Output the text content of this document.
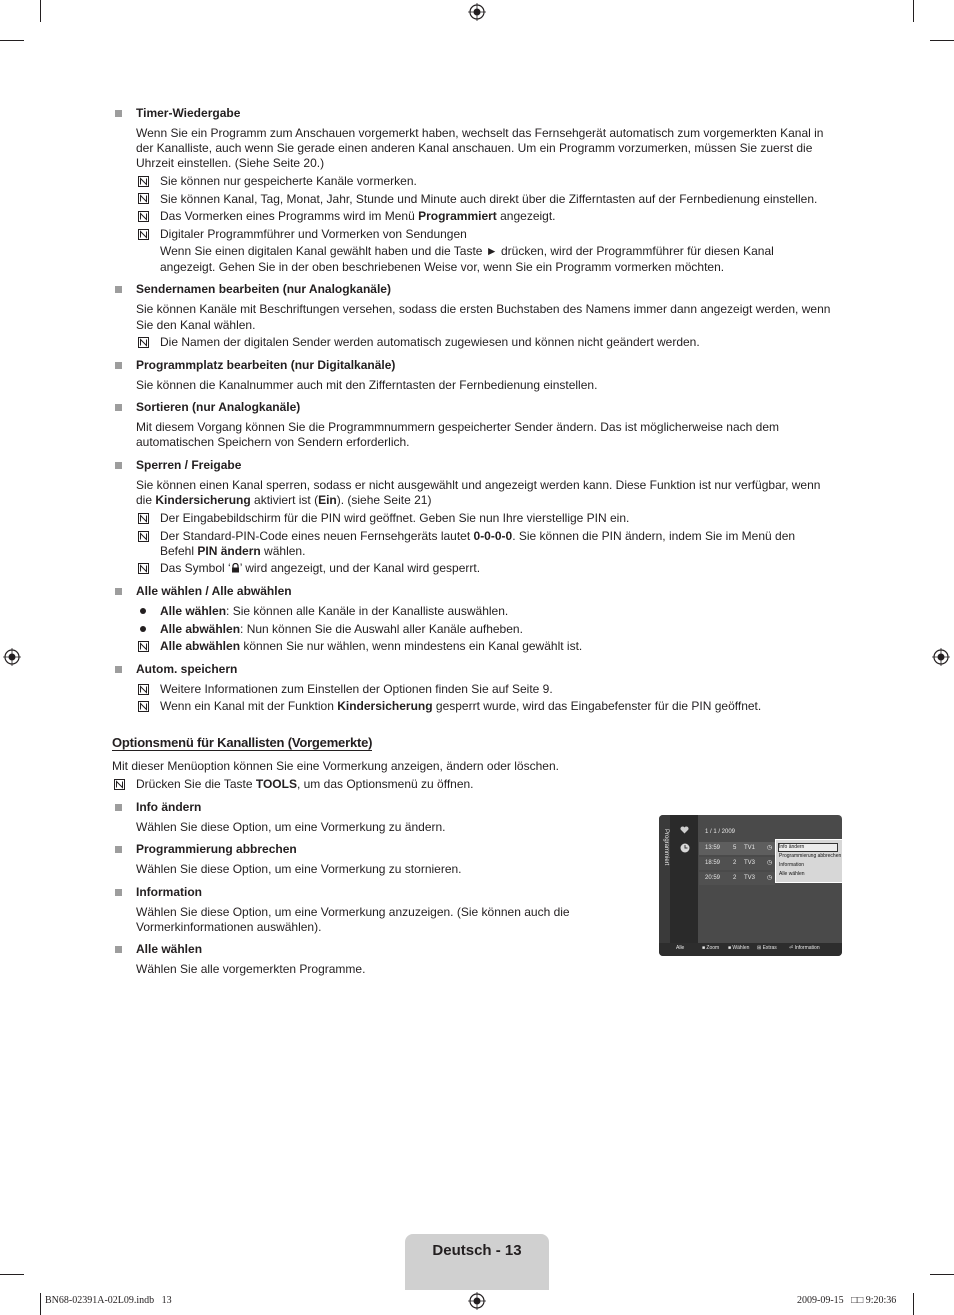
Timer-Wiedergabe
Wenn Sie ein Programm zum Anschauen vorgemerkt haben, wechselt das Fernsehgerät automatisch zum vorgemerkten Kanal in
der Kanalliste, auch wenn Sie gerade einen anderen Kanal anschauen. Um ein Programm vorzumerken, müssen Sie zuerst die
Uhrzeit einstellen. (Siehe Seite 20.)
Sie können nur gespeicherte Kanäle vormerken.
Sie können Kanal, Tag, Monat, Jahr, Stunde und Minute auch direkt über die Zifferntasten auf der Fernbedienung einstellen.
Das Vormerken eines Programms wird im Menü Programmiert angezeigt.
Digitaler Programmführer und Vormerken von Sendungen
Wenn Sie einen digitalen Kanal gewählt haben und die Taste ► drücken, wird der Programmführer für diesen Kanal
angezeigt. Gehen Sie in der oben beschriebenen Weise vor, wenn Sie ein Programm vormerken möchten.
Sendernamen bearbeiten (nur Analogkanäle)
Sie können Kanäle mit Beschriftungen versehen, sodass die ersten Buchstaben des Namens immer dann angezeigt werden, wenn
Sie den Kanal wählen.
Die Namen der digitalen Sender werden automatisch zugewiesen und können nicht geändert werden.
Programmplatz bearbeiten (nur Digitalkanäle)
Sie können die Kanalnummer auch mit den Zifferntasten der Fernbedienung einstellen.
Sortieren (nur Analogkanäle)
Mit diesem Vorgang können Sie die Programmnummern gespeicherter Sender ändern. Das ist möglicherweise nach dem
automatischen Speichern von Sendern erforderlich.
Sperren / Freigabe
Sie können einen Kanal sperren, sodass er nicht ausgewählt und angezeigt werden kann. Diese Funktion ist nur verfügbar, wenn
die Kindersicherung aktiviert ist (Ein). (siehe Seite 21)
Der Eingabebildschirm für die PIN wird geöffnet. Geben Sie nun Ihre vierstellige PIN ein.
Der Standard-PIN-Code eines neuen Fernsehgeräts lautet 0-0-0-0. Sie können die PIN ändern, indem Sie im Menü den
Befehl PIN ändern wählen.
Das Symbol ‘ ’ wird angezeigt, und der Kanal wird gesperrt.
Alle wählen / Alle abwählen
Alle wählen: Sie können alle Kanäle in der Kanalliste auswählen.
Alle abwählen: Nun können Sie die Auswahl aller Kanäle aufheben.
Alle abwählen können Sie nur wählen, wenn mindestens ein Kanal gewählt ist.
Autom. speichern
Weitere Informationen zum Einstellen der Optionen finden Sie auf Seite 9.
Wenn ein Kanal mit der Funktion Kindersicherung gesperrt wurde, wird das Eingabefenster für die PIN geöffnet.
Optionsmenü für Kanallisten (Vorgemerkte)
Mit dieser Menüoption können Sie eine Vormerkung anzeigen, ändern oder löschen.
Drücken Sie die Taste TOOLS, um das Optionsmenü zu öffnen.
Info ändern
Wählen Sie diese Option, um eine Vormerkung zu ändern.
Programmierung abbrechen
Wählen Sie diese Option, um eine Vormerkung zu stornieren.
Information
Wählen Sie diese Option, um eine Vormerkung anzuzeigen. (Sie können auch die
Vormerkinformationen auswählen).
Alle wählen
Wählen Sie alle vorgemerkten Programme.
Programmiert	1 / 1 / 2009
13:59 5 TV1 ◷
18:59 2 TV3 ◷
20:59 2 TV3 ◷
Info ändern
Programmierung abbrechen
Information
Alle wählen
Alle	■ Zoom ■ Wählen ⊞ Extras ⏎ Information
Deutsch - 13
BN68-02391A-02L09.indb   13	2009-09-15   □□ 9:20:36
